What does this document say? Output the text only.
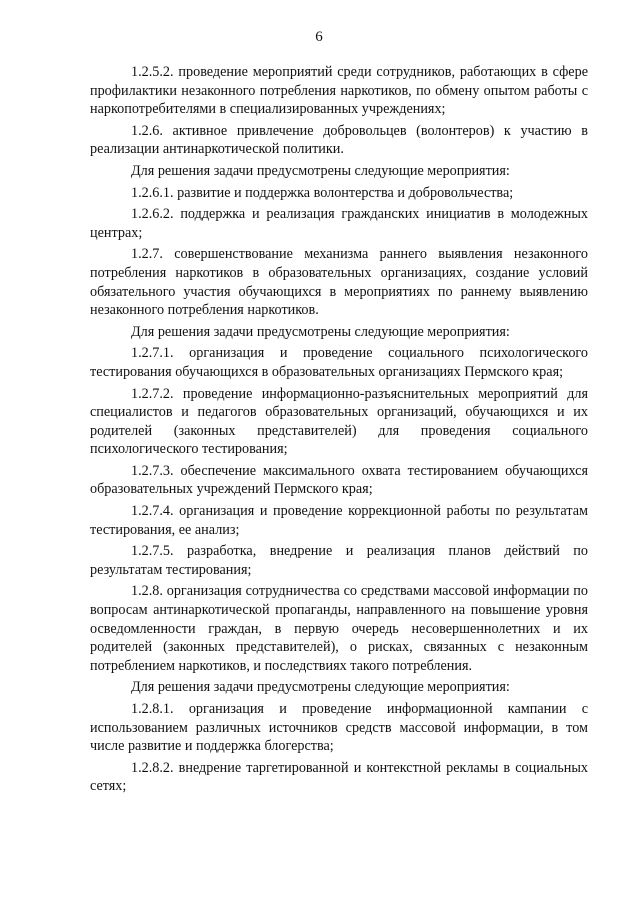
6

1.2.5.2. проведение мероприятий среди сотрудников, работающих в сфере профилактики незаконного потребления наркотиков, по обмену опытом работы с наркопотребителями в специализированных учреждениях;

1.2.6. активное привлечение добровольцев (волонтеров) к участию в реализации антинаркотической политики.

Для решения задачи предусмотрены следующие мероприятия:

1.2.6.1. развитие и поддержка волонтерства и добровольчества;

1.2.6.2. поддержка и реализация гражданских инициатив в молодежных центрах;

1.2.7. совершенствование механизма раннего выявления незаконного потребления наркотиков в образовательных организациях, создание условий обязательного участия обучающихся в мероприятиях по раннему выявлению незаконного потребления наркотиков.

Для решения задачи предусмотрены следующие мероприятия:

1.2.7.1. организация и проведение социального психологического тестирования обучающихся в образовательных организациях Пермского края;

1.2.7.2. проведение информационно-разъяснительных мероприятий для специалистов и педагогов образовательных организаций, обучающихся и их родителей (законных представителей) для проведения социального психологического тестирования;

1.2.7.3. обеспечение максимального охвата тестированием обучающихся образовательных учреждений Пермского края;

1.2.7.4. организация и проведение коррекционной работы по результатам тестирования, ее анализ;

1.2.7.5. разработка, внедрение и реализация планов действий по результатам тестирования;

1.2.8. организация сотрудничества со средствами массовой информации по вопросам антинаркотической пропаганды, направленного на повышение уровня осведомленности граждан, в первую очередь несовершеннолетних и их родителей (законных представителей), о рисках, связанных с незаконным потреблением наркотиков, и последствиях такого потребления.

Для решения задачи предусмотрены следующие мероприятия:

1.2.8.1. организация и проведение информационной кампании с использованием различных источников средств массовой информации, в том числе развитие и поддержка блогерства;

1.2.8.2. внедрение таргетированной и контекстной рекламы в социальных сетях;
